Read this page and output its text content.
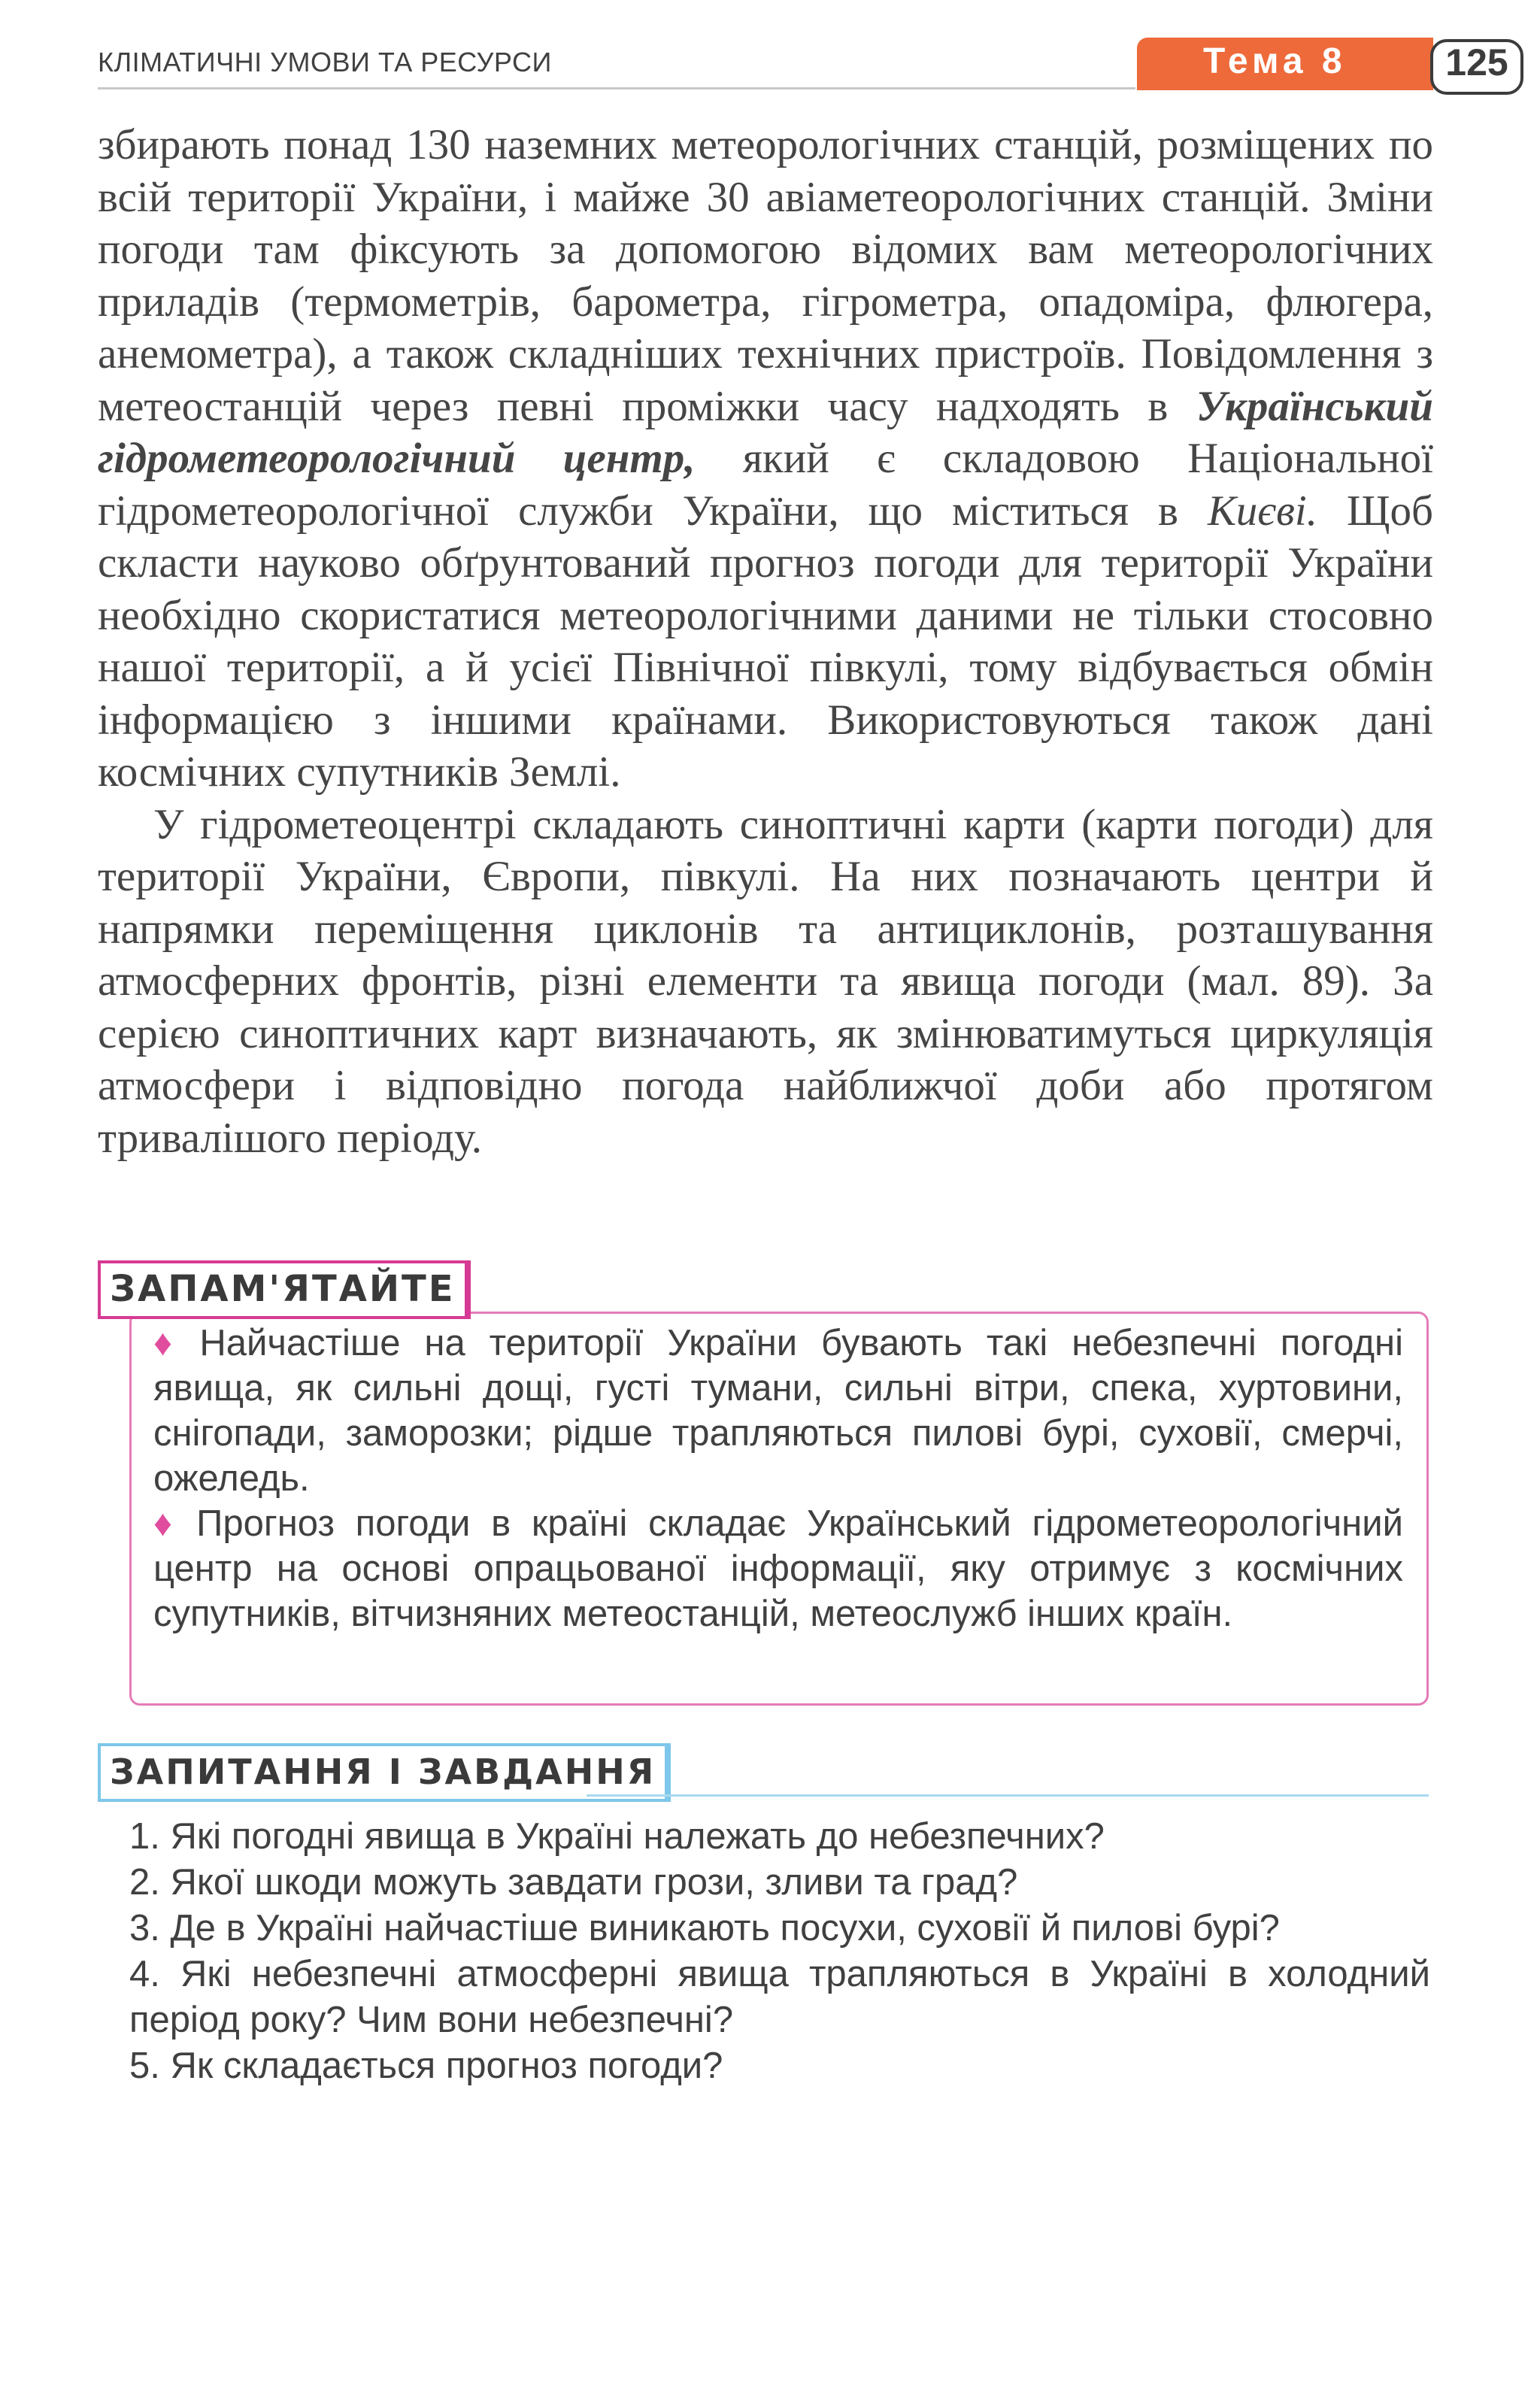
КЛІМАТИЧНІ УМОВИ ТА РЕСУРСИ	Тема 8	125

збирають понад 130 наземних метеорологічних станцій, розміщених по всій території України, і майже 30 авіаметеорологічних станцій. Зміни погоди там фіксують за допомогою відомих вам метеорологічних приладів (термометрів, барометра, гігрометра, опадоміра, флюгера, анемометра), а також складніших технічних пристроїв. Повідомлення з метеостанцій через певні проміжки часу надходять в Український гідрометеорологічний центр, який є складовою Національної гідрометеорологічної служби України, що міститься в Києві. Щоб скласти науково обґрунтований прогноз погоди для території України необхідно скористатися метеорологічними даними не тільки стосовно нашої території, а й усієї Північної півкулі, тому відбувається обмін інформацією з іншими країнами. Використовуються також дані космічних супутників Землі.

У гідрометеоцентрі складають синоптичні карти (карти погоди) для території України, Європи, півкулі. На них позначають центри й напрямки переміщення циклонів та антициклонів, розташування атмосферних фронтів, різні елементи та явища погоди (мал. 89). За серією синоптичних карт визначають, як змінюватимуться циркуляція атмосфери і відповідно погода найближчої доби або протягом тривалішого періоду.

ЗАПАМ'ЯТАЙТЕ

♦ Найчастіше на території України бувають такі небезпечні погодні явища, як сильні дощі, густі тумани, сильні вітри, спека, хуртовини, снігопади, заморозки; рідше трапляються пилові бурі, суховії, смерчі, ожеледь.

♦ Прогноз погоди в країні складає Український гідрометеорологічний центр на основі опрацьованої інформації, яку отримує з космічних супутників, вітчизняних метеостанцій, метеослужб інших країн.

ЗАПИТАННЯ І ЗАВДАННЯ
1. Які погодні явища в Україні належать до небезпечних?
2. Якої шкоди можуть завдати грози, зливи та град?
3. Де в Україні найчастіше виникають посухи, суховії й пилові бурі?
4. Які небезпечні атмосферні явища трапляються в Україні в холодний період року? Чим вони небезпечні?
5. Як складається прогноз погоди?
